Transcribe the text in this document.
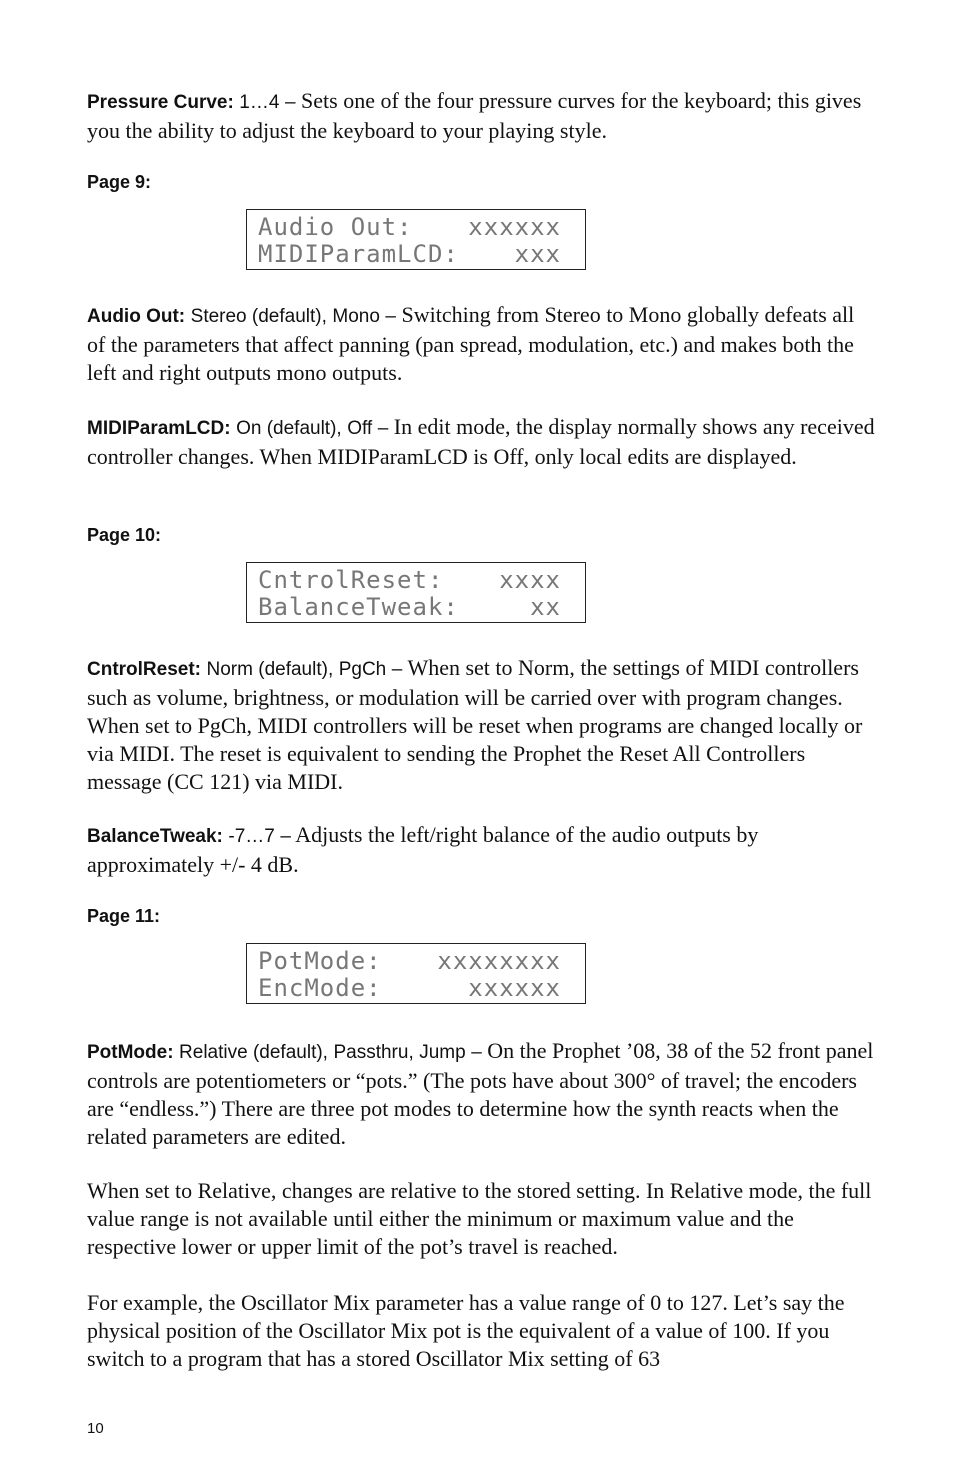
Pressure Curve: 1…4 – Sets one of the four pressure curves for the keyboard; this gives you the ability to adjust the keyboard to your playing style.
Page 9:

Audio Out:

xxxxxx

MIDIParamLCD:

xxx

Audio Out: Stereo (default), Mono – Switching from Stereo to Mono globally defeats all of the parameters that affect panning (pan spread, modulation, etc.) and makes both the left and right outputs mono outputs.
MIDIParamLCD: On (default), Off – In edit mode, the display normally shows any received controller changes. When MIDIParamLCD is Off, only local edits are displayed.
Page 10:

CntrolReset:

xxxx

BalanceTweak:

	xx

CntrolReset: Norm (default), PgCh – When set to Norm, the settings of MIDI controllers such as volume, brightness, or modulation will be carried over with program changes. When set to PgCh, MIDI controllers will be reset when programs are changed locally or via MIDI. The reset is equivalent to sending the Prophet the Reset All Controllers message (CC 121) via MIDI.
BalanceTweak: -7…7 – Adjusts the left/right balance of the audio outputs by approximately +/- 4 dB.
Page 11:

PotMode:

xxxxxxxx

EncMode:

	xxxxxx

PotMode: Relative (default), Passthru, Jump – On the Prophet ’08, 38 of the 52 front panel controls are potentiometers or “pots.” (The pots have about 300° of travel; the encoders are “endless.”) There are three pot modes to determine how the synth reacts when the related parameters are edited.
When set to Relative, changes are relative to the stored setting. In Relative mode, the full value range is not available until either the minimum or maximum value and the respective lower or upper limit of the pot’s travel is reached.
For example, the Oscillator Mix parameter has a value range of 0 to 127. Let’s say the physical position of the Oscillator Mix pot is the equivalent of a value of 100. If you switch to a program that has a stored Oscillator Mix setting of 63
10
